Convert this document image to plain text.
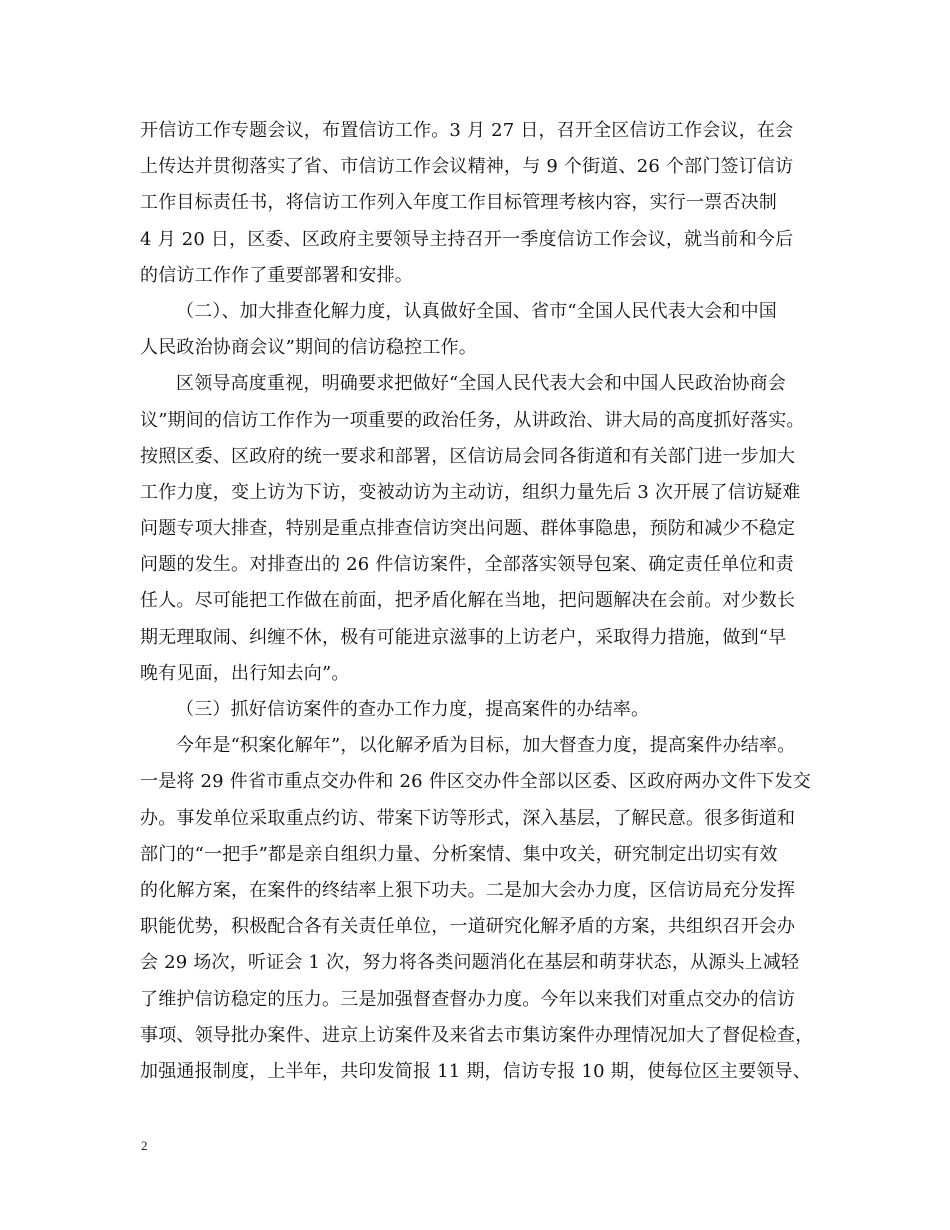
开信访工作专题会议，布置信访工作。3 月 27 日，召开全区信访工作会议，在会
上传达并贯彻落实了省、市信访工作会议精神，与 9 个街道、26 个部门签订信访
工作目标责任书，将信访工作列入年度工作目标管理考核内容，实行一票否决制
4 月 20 日，区委、区政府主要领导主持召开一季度信访工作会议，就当前和今后
的信访工作作了重要部署和安排。
（二）、加大排查化解力度，认真做好全国、省市“全国人民代表大会和中国
人民政治协商会议”期间的信访稳控工作。
区领导高度重视，明确要求把做好“全国人民代表大会和中国人民政治协商会
议”期间的信访工作作为一项重要的政治任务，从讲政治、讲大局的高度抓好落实。
按照区委、区政府的统一要求和部署，区信访局会同各街道和有关部门进一步加大
工作力度，变上访为下访，变被动访为主动访，组织力量先后 3 次开展了信访疑难
问题专项大排查，特别是重点排查信访突出问题、群体事隐患，预防和减少不稳定
问题的发生。对排查出的 26 件信访案件，全部落实领导包案、确定责任单位和责
任人。尽可能把工作做在前面，把矛盾化解在当地，把问题解决在会前。对少数长
期无理取闹、纠缠不休，极有可能进京滋事的上访老户，采取得力措施，做到“早
晚有见面，出行知去向”。
（三）抓好信访案件的查办工作力度，提高案件的办结率。
今年是“积案化解年”，以化解矛盾为目标，加大督查力度，提高案件办结率。
一是将 29 件省市重点交办件和 26 件区交办件全部以区委、区政府两办文件下发交
办。事发单位采取重点约访、带案下访等形式，深入基层，了解民意。很多街道和
部门的“一把手”都是亲自组织力量、分析案情、集中攻关，研究制定出切实有效
的化解方案，在案件的终结率上狠下功夫。二是加大会办力度，区信访局充分发挥
职能优势，积极配合各有关责任单位，一道研究化解矛盾的方案，共组织召开会办
会 29 场次，听证会 1 次，努力将各类问题消化在基层和萌芽状态，从源头上减轻
了维护信访稳定的压力。三是加强督查督办力度。今年以来我们对重点交办的信访
事项、领导批办案件、进京上访案件及来省去市集访案件办理情况加大了督促检查，
加强通报制度，上半年，共印发简报 11 期，信访专报 10 期，使每位区主要领导、
2
